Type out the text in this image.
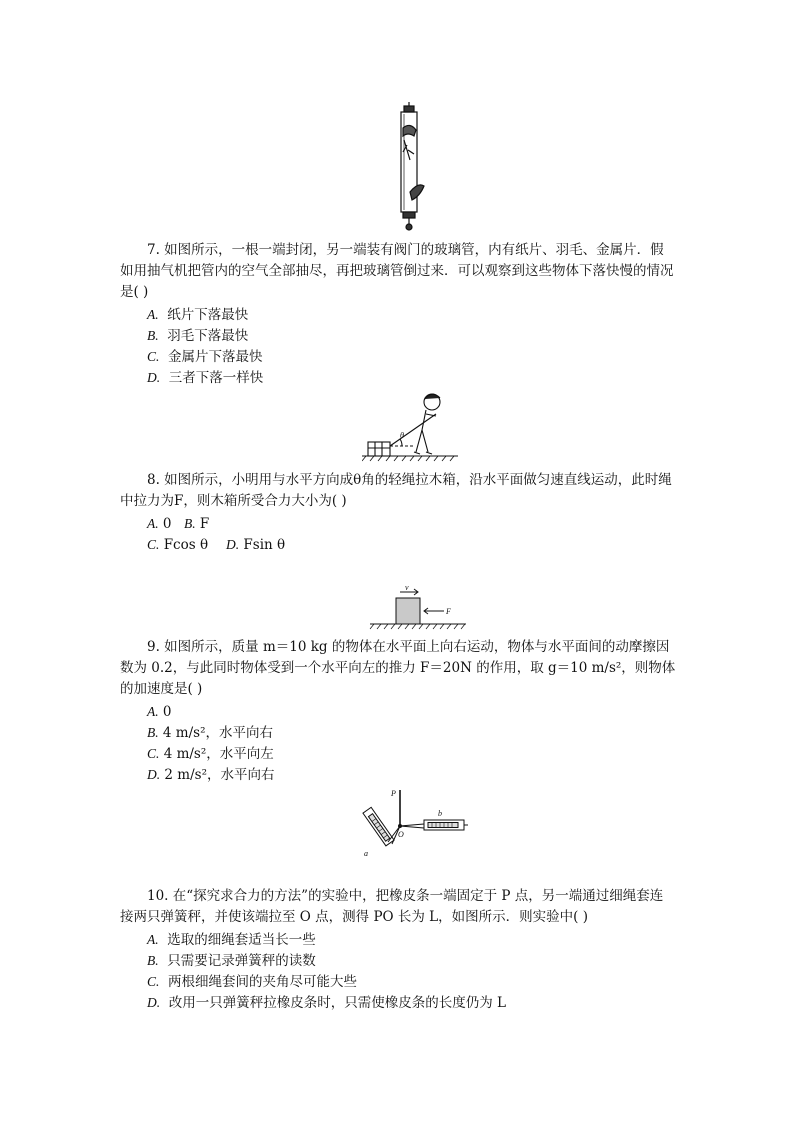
7. 如图所示，一根一端封闭，另一端装有阀门的玻璃管，内有纸片、羽毛、金属片．假如用抽气机把管内的空气全部抽尽，再把玻璃管倒过来．可以观察到这些物体下落快慢的情况是( )

A. 纸片下落最快
B. 羽毛下落最快
C. 金属片下落最快
D. 三者下落一样快
θ

8. 如图所示，小明用与水平方向成θ角的轻绳拉木箱，沿水平面做匀速直线运动，此时绳中拉力为F，则木箱所受合力大小为( )

A. 0 B. F
C. Fcos θ D. Fsin θ
v
F

9. 如图所示，质量 m＝10 kg 的物体在水平面上向右运动，物体与水平面间的动摩擦因数为 0.2，与此同时物体受到一个水平向左的推力 F＝20N 的作用，取 g＝10 m/s²，则物体的加速度是( )

A. 0
B. 4 m/s²，水平向右
C. 4 m/s²，水平向左
D. 2 m/s²，水平向右
P
O
b
a

10. 在“探究求合力的方法”的实验中，把橡皮条一端固定于 P 点，另一端通过细绳套连接两只弹簧秤，并使该端拉至 O 点，测得 PO 长为 L，如图所示．则实验中( )

A. 选取的细绳套适当长一些
B. 只需要记录弹簧秤的读数
C. 两根细绳套间的夹角尽可能大些
D. 改用一只弹簧秤拉橡皮条时，只需使橡皮条的长度仍为 L
